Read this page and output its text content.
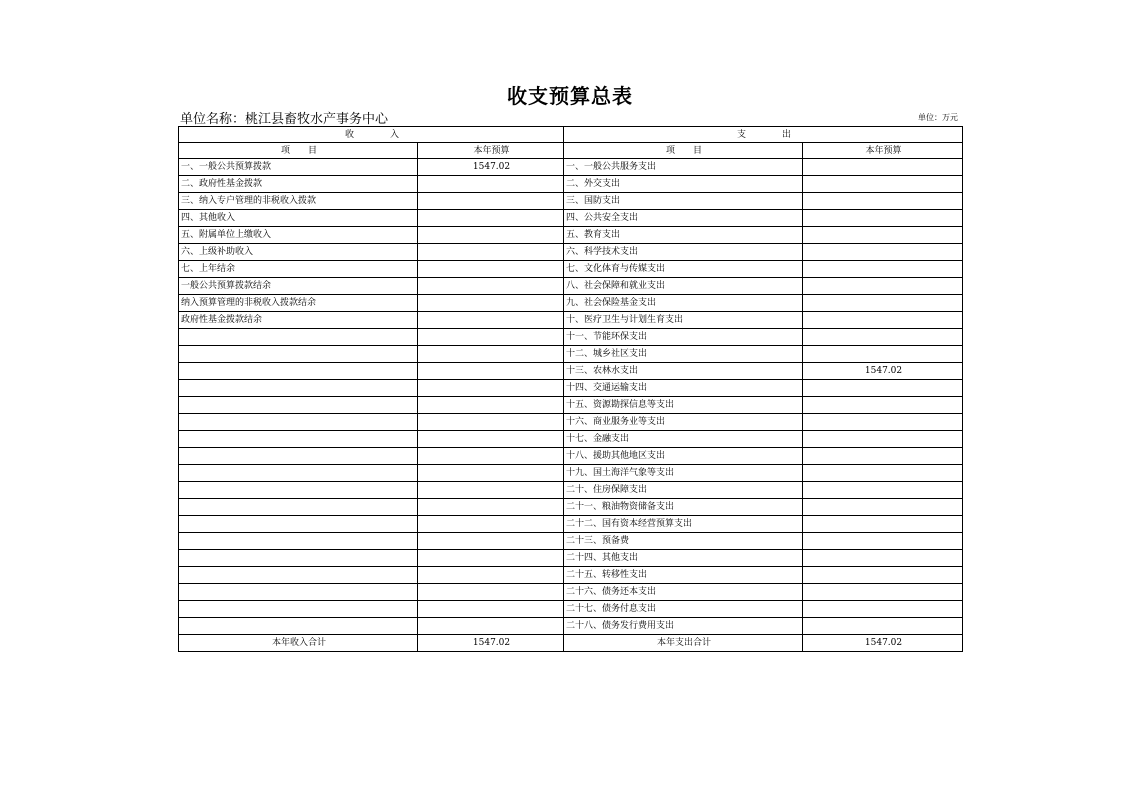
收支预算总表
单位名称：桃江县畜牧水产事务中心	单位：万元
收　　　　入		支　　　　出	
项　　目	本年预算	项　　目	本年预算
一、一般公共预算拨款	1547.02	一、一般公共服务支出	
二、政府性基金拨款		二、外交支出	
三、纳入专户管理的非税收入拨款		三、国防支出	
四、其他收入		四、公共安全支出	
五、附属单位上缴收入		五、教育支出	
六、上级补助收入		六、科学技术支出	
七、上年结余		七、文化体育与传媒支出	
一般公共预算拨款结余		八、社会保障和就业支出	
纳入预算管理的非税收入拨款结余		九、社会保险基金支出	
政府性基金拨款结余		十、医疗卫生与计划生育支出	
		十一、节能环保支出	
		十二、城乡社区支出	
		十三、农林水支出	1547.02
		十四、交通运输支出	
		十五、资源勘探信息等支出	
		十六、商业服务业等支出	
		十七、金融支出	
		十八、援助其他地区支出	
		十九、国土海洋气象等支出	
		二十、住房保障支出	
		二十一、粮油物资储备支出	
		二十二、国有资本经营预算支出	
		二十三、预备费	
		二十四、其他支出	
		二十五、转移性支出	
		二十六、债务还本支出	
		二十七、债务付息支出	
		二十八、债务发行费用支出	
本年收入合计	1547.02	本年支出合计	1547.02
